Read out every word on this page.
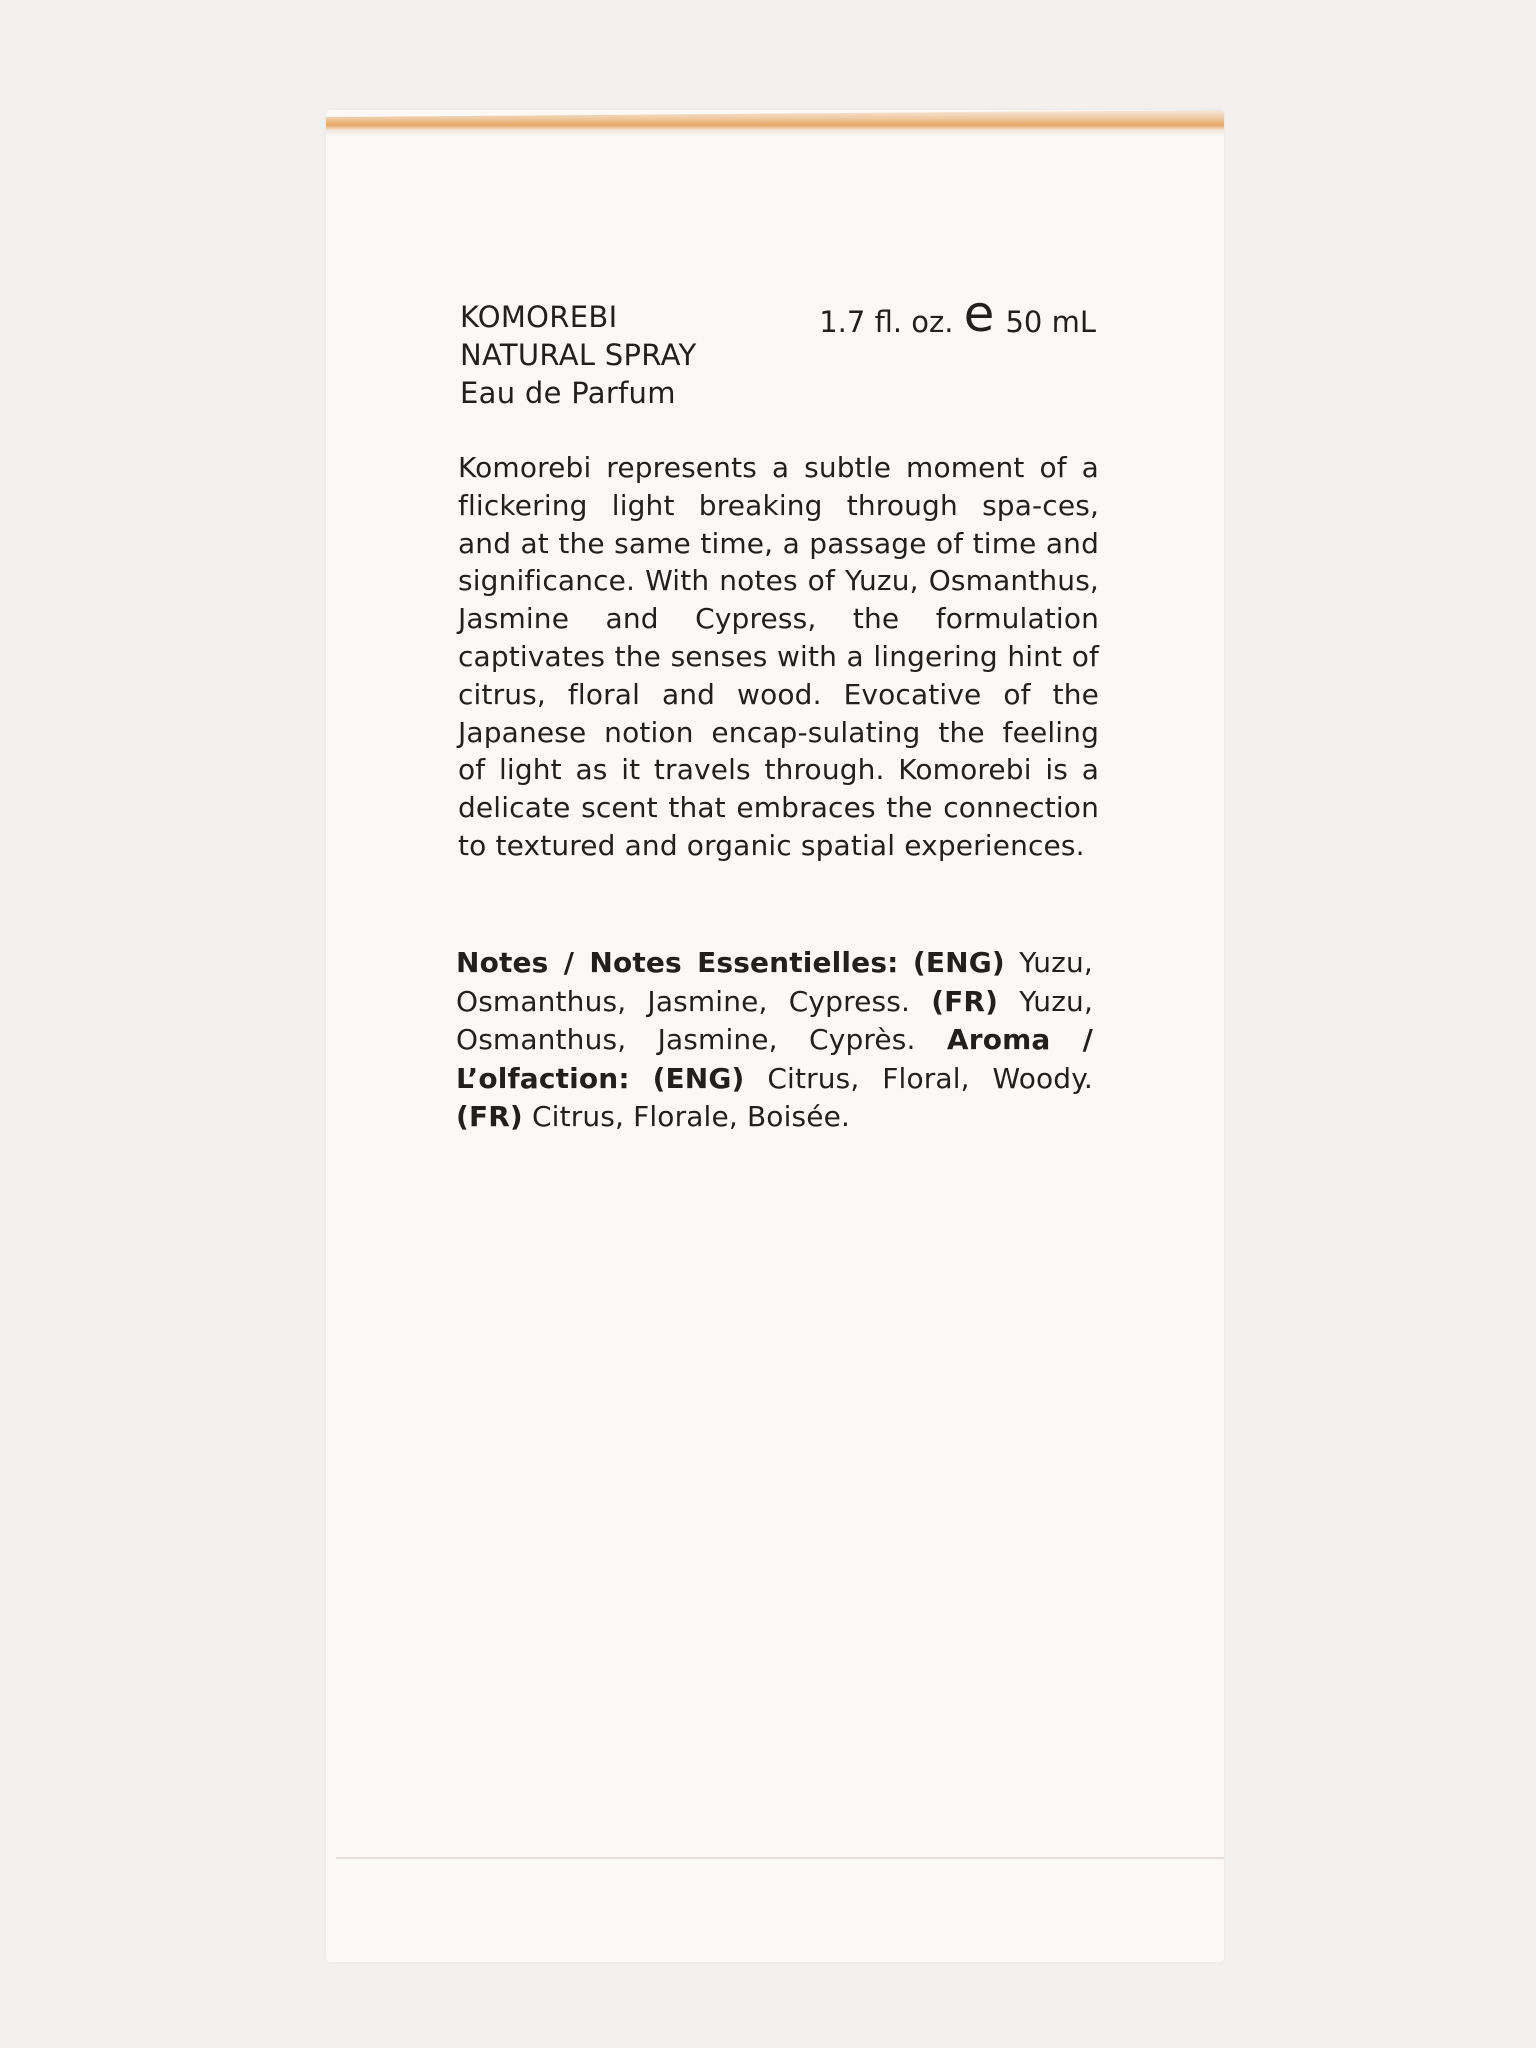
KOMOREBI
NATURAL SPRAY
Eau de Parfum
1.7 fl. oz. e 50 mL
Komorebi represents a subtle moment of a flickering light breaking through spa-ces, and at the same time, a passage of time and significance. With notes of Yuzu, Osmanthus, Jasmine and Cypress, the formulation captivates the senses with a lingering hint of citrus, floral and wood. Evocative of the Japanese notion encap-sulating the feeling of light as it travels through. Komorebi is a delicate scent that embraces the connection to textured and organic spatial experiences.
Notes / Notes Essentielles: (ENG) Yuzu, Osmanthus, Jasmine, Cypress. (FR) Yuzu, Osmanthus, Jasmine, Cyprès. Aroma / L’olfaction: (ENG) Citrus, Floral, Woody. (FR) Citrus, Florale, Boisée.
